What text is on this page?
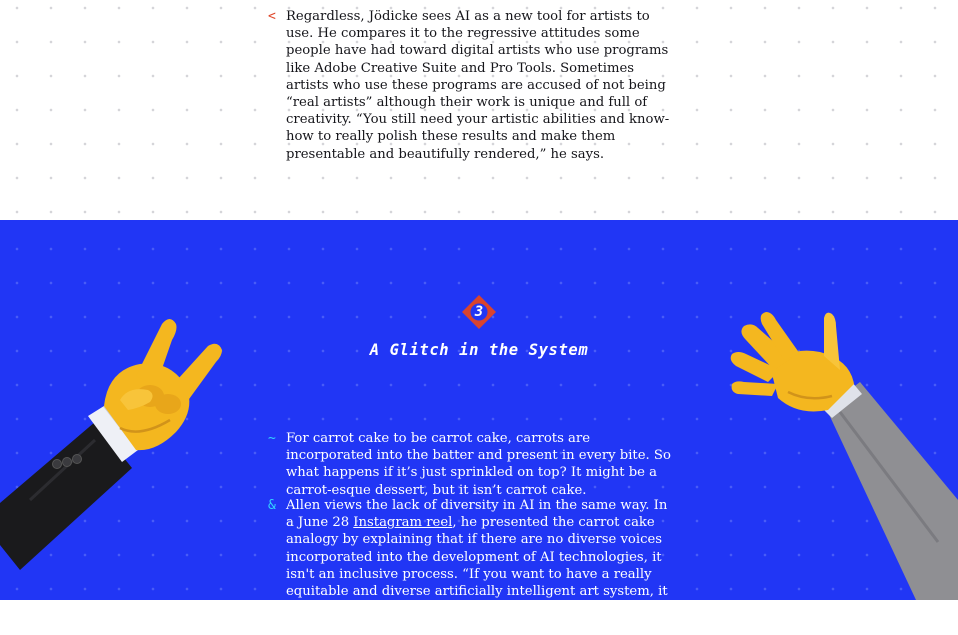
< Regardless, Jödicke sees AI as a new tool for artists to use. He compares it to the regressive attitudes some people have had toward digital artists who use programs like Adobe Creative Suite and Pro Tools. Sometimes artists who use these programs are accused of not being “real artists” although their work is unique and full of creativity. “You still need your artistic abilities and know-how to really polish these results and make them presentable and beautifully rendered,” he says.

3
A Glitch in the System
~ For carrot cake to be carrot cake, carrots are incorporated into the batter and present in every bite. So what happens if it’s just sprinkled on top? It might be a carrot-esque dessert, but it isn’t carrot cake.

& Allen views the lack of diversity in AI in the same way. In a June 28 Instagram reel, he presented the carrot cake analogy by explaining that if there are no diverse voices incorporated into the development of AI technologies, it isn't an inclusive process. “If you want to have a really equitable and diverse artificially intelligent art system, it needs to include a diverse set of people from the beginning,” he says.
